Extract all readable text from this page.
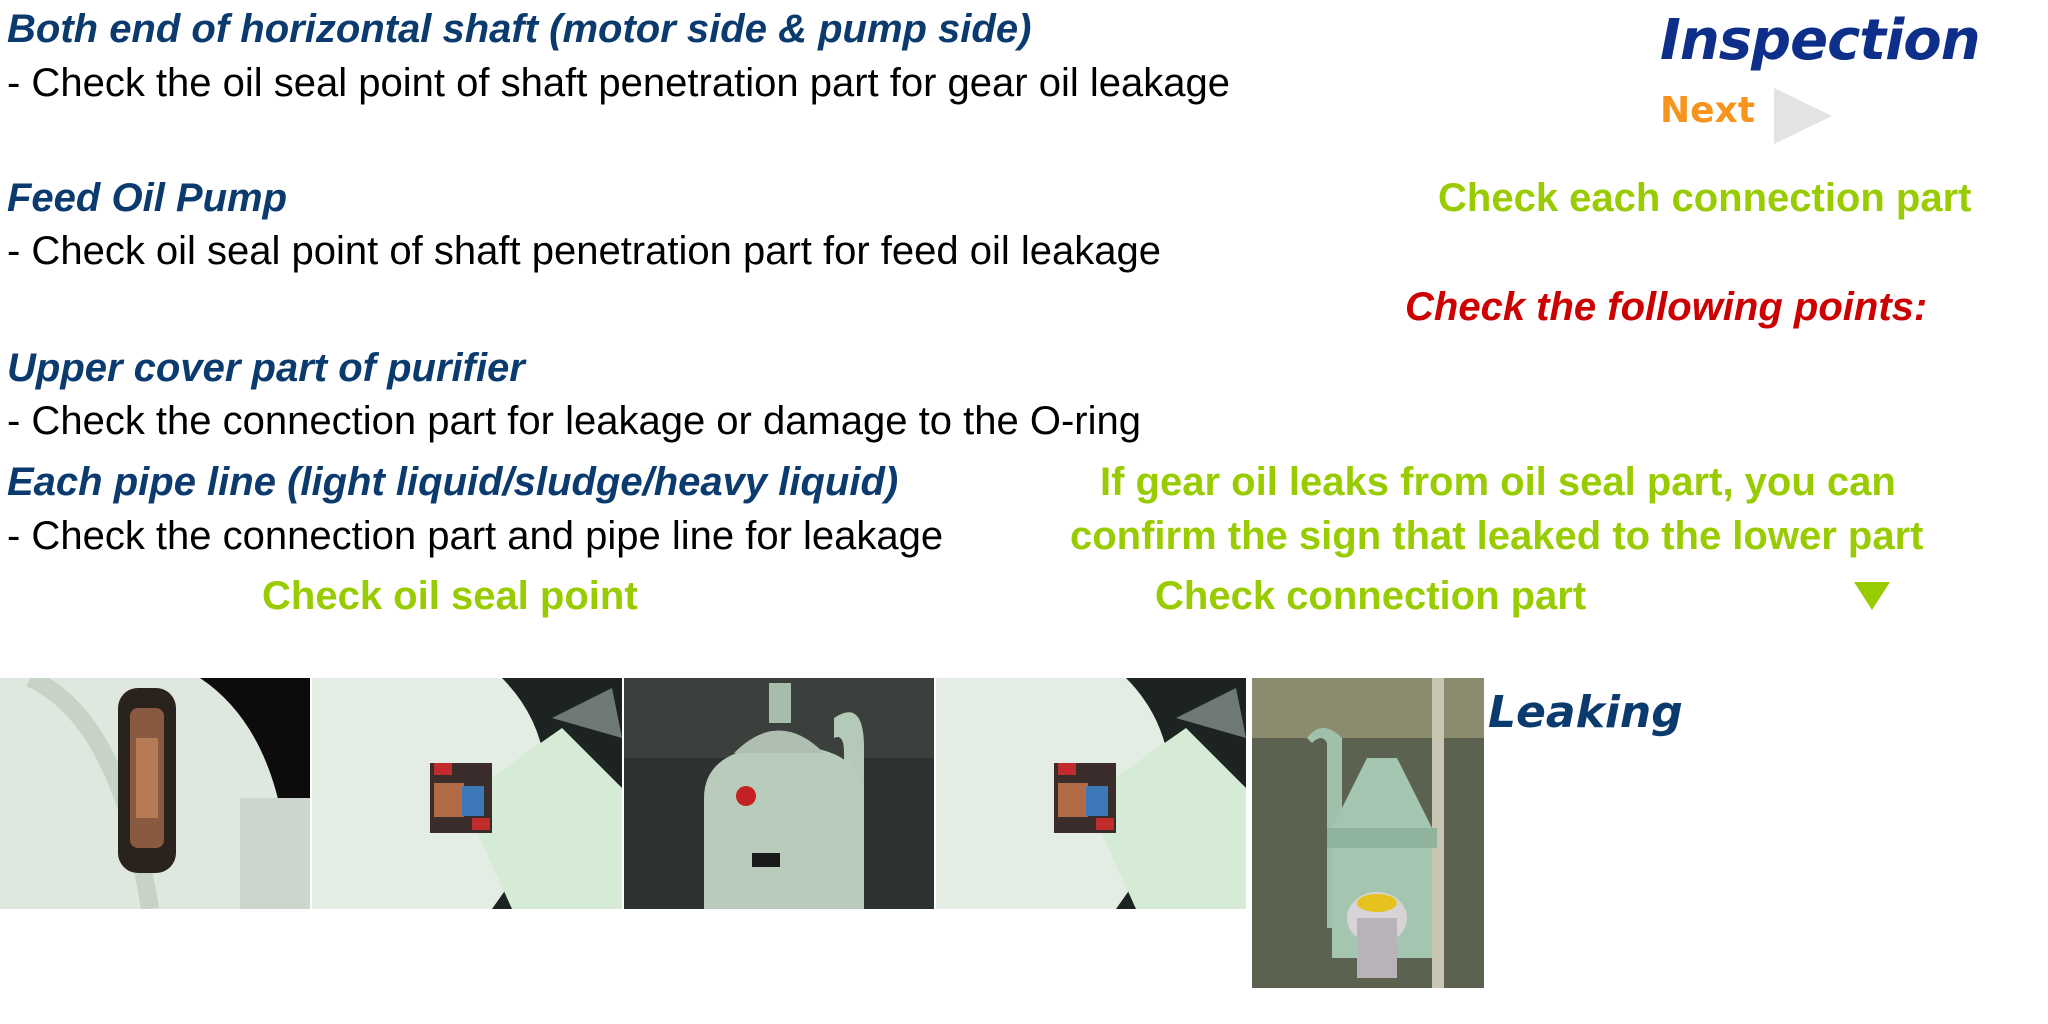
Both end of horizontal shaft (motor side & pump side)
- Check the oil seal point of shaft penetration part for gear oil leakage
Feed Oil Pump
- Check oil seal point of shaft penetration part for feed oil leakage
Upper cover part of purifier
- Check the connection part for leakage or damage to the O-ring
Each pipe line (light liquid/sludge/heavy liquid)
- Check the connection part and pipe line for leakage
Inspection
Next
Check each connection part
Check the following points:
If gear oil leaks from oil seal part, you can
confirm the sign that leaked to the lower part
Check oil seal point	Check connection part
Leaking
